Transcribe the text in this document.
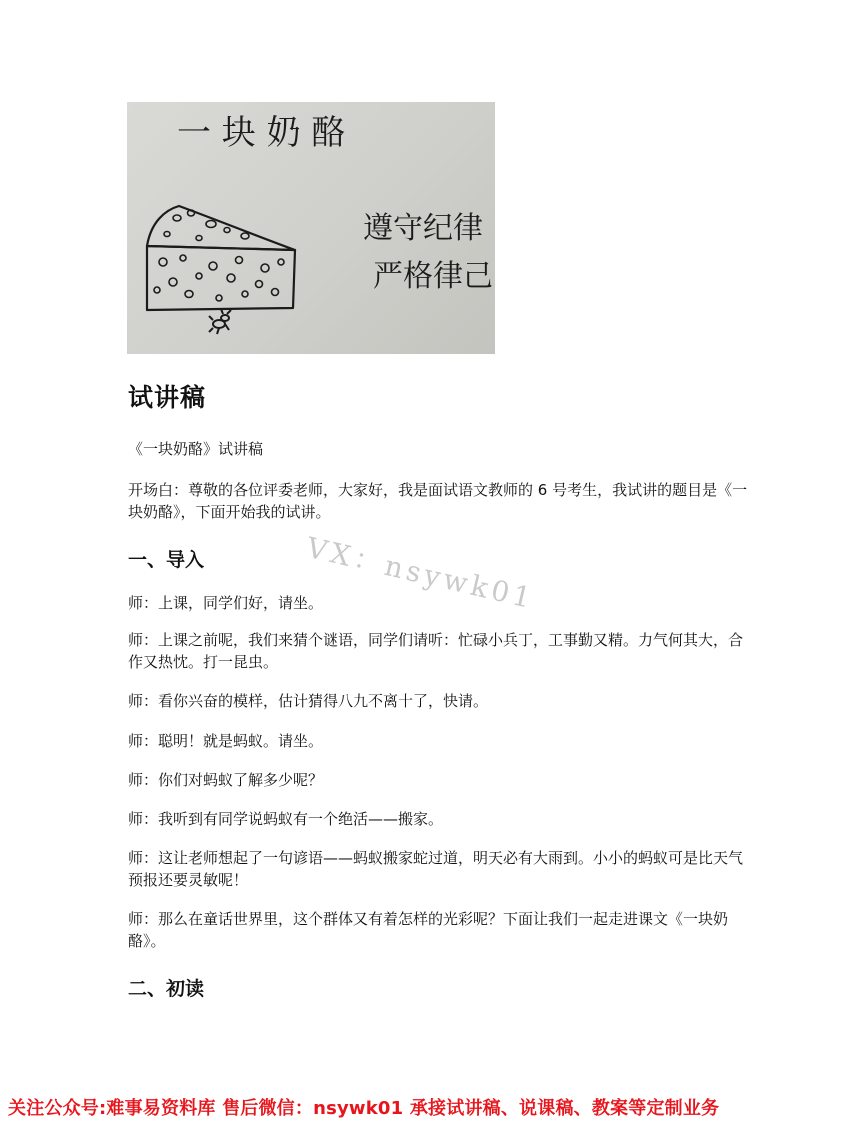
一 块 奶 酪
遵守纪律
严格律己
试讲稿

《一块奶酪》试讲稿

开场白：尊敬的各位评委老师，大家好，我是面试语文教师的 6 号考生，我试讲的题目是《一块奶酪》，下面开始我的试讲。

一、导入

师：上课，同学们好，请坐。

师：上课之前呢，我们来猜个谜语，同学们请听：忙碌小兵丁，工事勤又精。力气何其大，合作又热忱。打一昆虫。

师：看你兴奋的模样，估计猜得八九不离十了，快请。

师：聪明！就是蚂蚁。请坐。

师：你们对蚂蚁了解多少呢？

师：我听到有同学说蚂蚁有一个绝活——搬家。

师：这让老师想起了一句谚语——蚂蚁搬家蛇过道，明天必有大雨到。小小的蚂蚁可是比天气预报还要灵敏呢！

师：那么在童话世界里，这个群体又有着怎样的光彩呢？下面让我们一起走进课文《一块奶酪》。

二、初读
VX：nsywk01
关注公众号:难事易资料库 售后微信：nsywk01 承接试讲稿、说课稿、教案等定制业务
